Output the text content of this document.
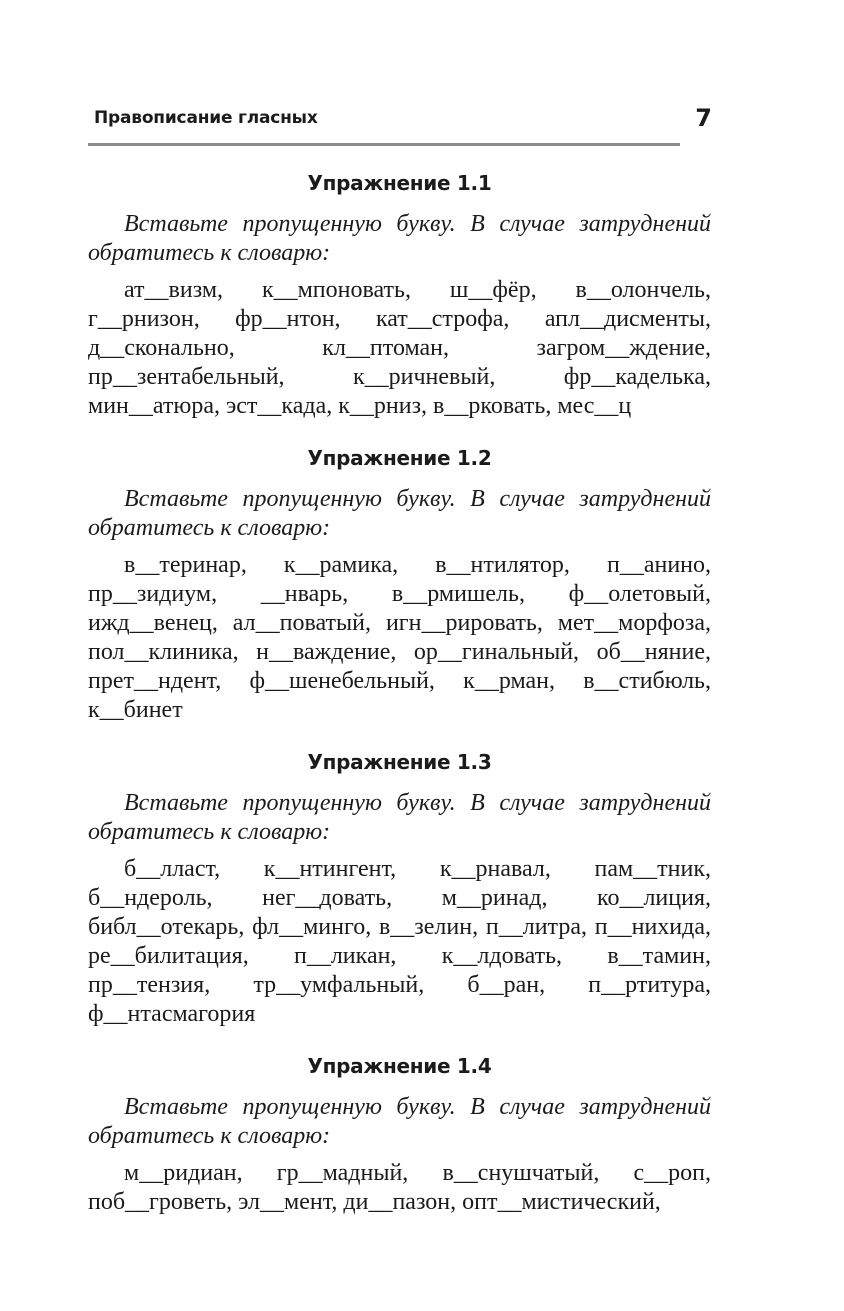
Правописание гласных	7
Упражнение 1.1

Вставьте пропущенную букву. В случае затруднений обратитесь к словарю:

ат__визм, к__мпоновать, ш__фёр, в__олончель, г__рнизон, фр__нтон, кат__строфа, апл__дисменты, д__сконально, кл__птоман, загром__ждение, пр__зентабельный, к__ричневый, фр__каделька, мин__атюра, эст__када, к__рниз, в__рковать, мес__ц

Упражнение 1.2

Вставьте пропущенную букву. В случае затруднений обратитесь к словарю:

в__теринар, к__рамика, в__нтилятор, п__анино, пр__зидиум, __нварь, в__рмишель, ф__олетовый, ижд__венец, ал__поватый, игн__рировать, мет__морфоза, пол__клиника, н__важдение, ор__гинальный, об__няние, прет__ндент, ф__шенебельный, к__рман, в__стибюль, к__бинет

Упражнение 1.3

Вставьте пропущенную букву. В случае затруднений обратитесь к словарю:

б__лласт, к__нтингент, к__рнавал, пам__тник, б__ндероль, нег__довать, м__ринад, ко__лиция, библ__отекарь, фл__минго, в__зелин, п__литра, п__нихида, ре__билитация, п__ликан, к__лдовать, в__тамин, пр__тензия, тр__умфальный, б__ран, п__ртитура, ф__нтасмагория

Упражнение 1.4

Вставьте пропущенную букву. В случае затруднений обратитесь к словарю:

м__ридиан, гр__мадный, в__снушчатый, с__роп, поб__гроветь, эл__мент, ди__пазон, опт__мистический,
